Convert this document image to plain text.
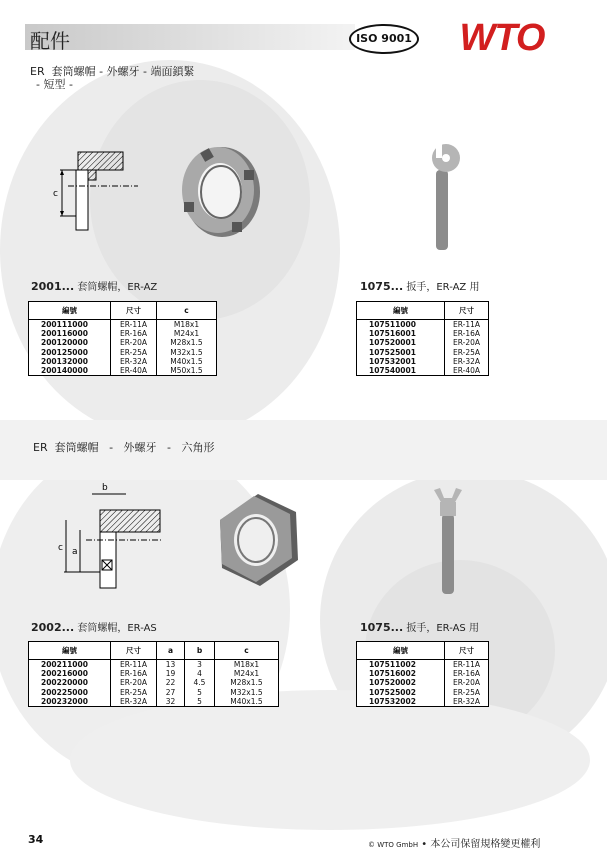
配件	ISO 9001 WTO
ER  套筒螺帽 - 外螺牙 - 端面鎖緊
- 短型 -
c
2001... 套筒螺帽，ER-AZ	1075... 扳手，ER-AZ 用
編號	尺寸	c
200111000	ER-11A	M18x1
200116000	ER-16A	M24x1
200120000	ER-20A	M28x1.5
200125000	ER-25A	M32x1.5
200132000	ER-32A	M40x1.5
200140000	ER-40A	M50x1.5
編號	尺寸
107511000	ER-11A
107516001	ER-16A
107520001	ER-20A
107525001	ER-25A
107532001	ER-32A
107540001	ER-40A
ER  套筒螺帽   -   外螺牙   -   六角形
b
c a
2002... 套筒螺帽，ER-AS	1075... 扳手，ER-AS 用
編號	尺寸	a	b	c
200211000	ER-11A	13	3	M18x1
200216000	ER-16A	19	4	M24x1
200220000	ER-20A	22	4.5	M28x1.5
200225000	ER-25A	27	5	M32x1.5
200232000	ER-32A	32	5	M40x1.5
編號	尺寸
107511002	ER-11A
107516002	ER-16A
107520002	ER-20A
107525002	ER-25A
107532002	ER-32A
34	© WTO GmbH • 本公司保留規格變更權利
